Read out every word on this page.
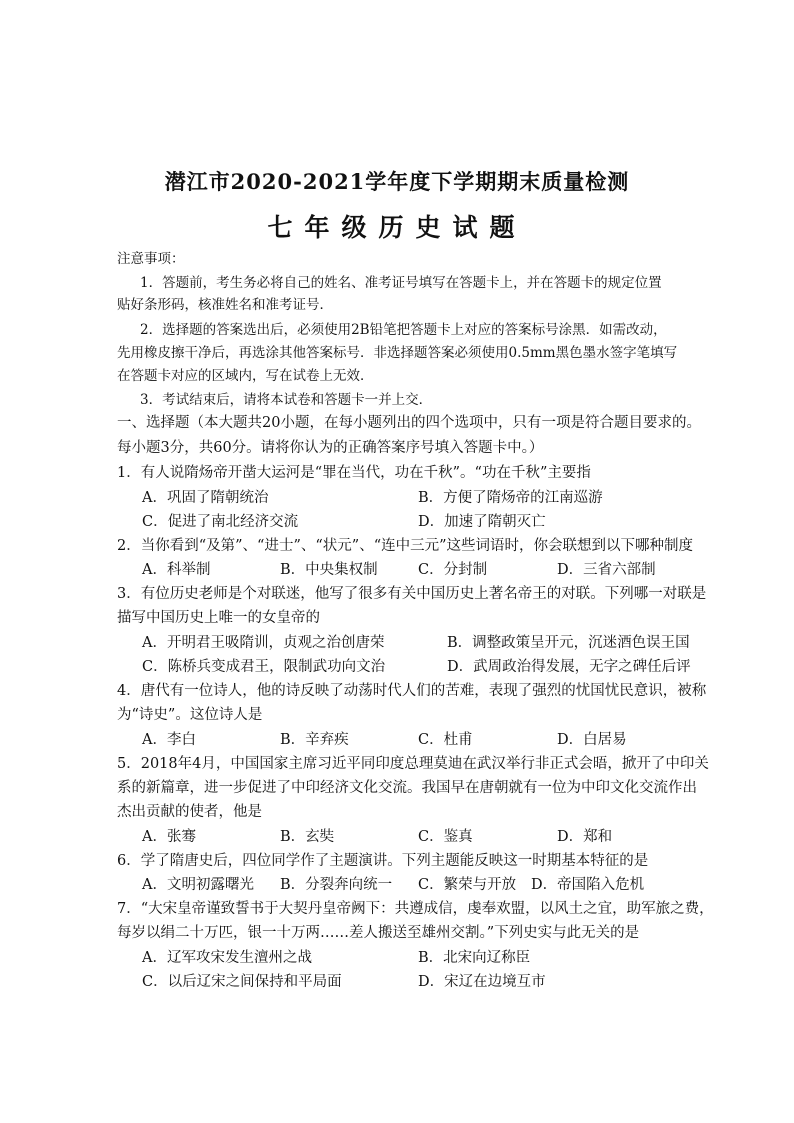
潜江市2020-2021学年度下学期期末质量检测
七年级历史试题
注意事项：
1．答题前，考生务必将自己的姓名、准考证号填写在答题卡上，并在答题卡的规定位置
贴好条形码，核准姓名和准考证号．
2．选择题的答案选出后，必须使用2B铅笔把答题卡上对应的答案标号涂黑．如需改动，
先用橡皮擦干净后，再选涂其他答案标号．非选择题答案必须使用0.5mm黑色墨水签字笔填写
在答题卡对应的区域内，写在试卷上无效．
3．考试结束后，请将本试卷和答题卡一并上交．
一、选择题（本大题共20小题，在每小题列出的四个选项中，只有一项是符合题目要求的。
每小题3分，共60分。请将你认为的正确答案序号填入答题卡中。）
1．有人说隋炀帝开凿大运河是“罪在当代，功在千秋”。“功在千秋”主要指
A．巩固了隋朝统治	B．方便了隋炀帝的江南巡游
C．促进了南北经济交流	D．加速了隋朝灭亡
2．当你看到“及第”、“进士”、“状元”、“连中三元”这些词语时，你会联想到以下哪种制度
A．科举制	B．中央集权制	C．分封制	D．三省六部制
3．有位历史老师是个对联迷，他写了很多有关中国历史上著名帝王的对联。下列哪一对联是
描写中国历史上唯一的女皇帝的
A．开明君王吸隋训，贞观之治创唐荣	B．调整政策呈开元，沉迷酒色误王国
C．陈桥兵变成君王，限制武功向文治	D．武周政治得发展，无字之碑任后评
4．唐代有一位诗人，他的诗反映了动荡时代人们的苦难，表现了强烈的忧国忧民意识，被称
为“诗史”。这位诗人是
A．李白	B．辛弃疾	C．杜甫	D．白居易
5．2018年4月，中国国家主席习近平同印度总理莫迪在武汉举行非正式会晤，掀开了中印关
系的新篇章，进一步促进了中印经济文化交流。我国早在唐朝就有一位为中印文化交流作出
杰出贡献的使者，他是
A．张骞	B．玄奘	C．鉴真	D．郑和
6．学了隋唐史后，四位同学作了主题演讲。下列主题能反映这一时期基本特征的是
A．文明初露曙光 B．分裂奔向统一 C．繁荣与开放 D．帝国陷入危机
7．“大宋皇帝谨致誓书于大契丹皇帝阙下：共遵成信，虔奉欢盟，以风土之宜，助军旅之费，
每岁以绢二十万匹，银一十万两……差人搬送至雄州交割。”下列史实与此无关的是
A．辽军攻宋发生澶州之战	B．北宋向辽称臣
C．以后辽宋之间保持和平局面	D．宋辽在边境互市
